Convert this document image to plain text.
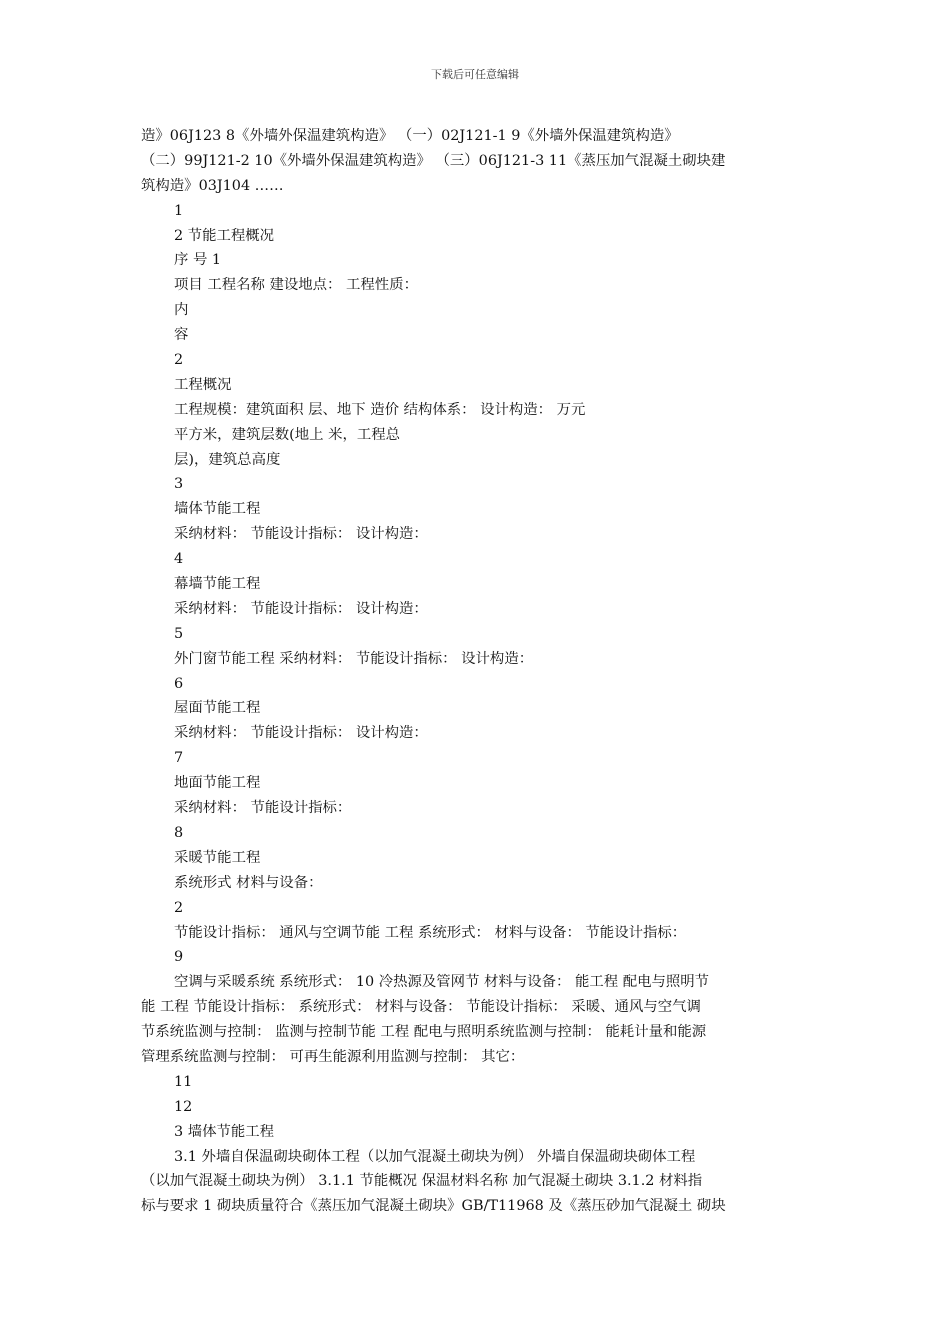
下载后可任意编辑
造》06J123 8《外墙外保温建筑构造》 （一）02J121-1 9《外墙外保温建筑构造》
（二）99J121-2 10《外墙外保温建筑构造》 （三）06J121-3 11《蒸压加气混凝土砌块建
筑构造》03J104 ……
1
2 节能工程概况
序 号 1
项目 工程名称 建设地点： 工程性质：
内
容
2
工程概况
工程规模：建筑面积 层、地下 造价 结构体系： 设计构造： 万元
平方米，建筑层数(地上 米，工程总
层)，建筑总高度
3
墙体节能工程
采纳材料： 节能设计指标： 设计构造：
4
幕墙节能工程
采纳材料： 节能设计指标： 设计构造：
5
外门窗节能工程 采纳材料： 节能设计指标： 设计构造：
6
屋面节能工程
采纳材料： 节能设计指标： 设计构造：
7
地面节能工程
采纳材料： 节能设计指标：
8
采暖节能工程
系统形式 材料与设备：
2
节能设计指标： 通风与空调节能 工程 系统形式： 材料与设备： 节能设计指标：
9
空调与采暖系统 系统形式： 10 冷热源及管网节 材料与设备： 能工程 配电与照明节
能 工程 节能设计指标： 系统形式： 材料与设备： 节能设计指标： 采暖、通风与空气调
节系统监测与控制： 监测与控制节能 工程 配电与照明系统监测与控制： 能耗计量和能源
管理系统监测与控制： 可再生能源利用监测与控制： 其它：
11
12
3 墙体节能工程
3.1 外墙自保温砌块砌体工程（以加气混凝土砌块为例） 外墙自保温砌块砌体工程
（以加气混凝土砌块为例） 3.1.1 节能概况 保温材料名称 加气混凝土砌块 3.1.2 材料指
标与要求 1 砌块质量符合《蒸压加气混凝土砌块》GB/T11968 及《蒸压砂加气混凝土 砌块
